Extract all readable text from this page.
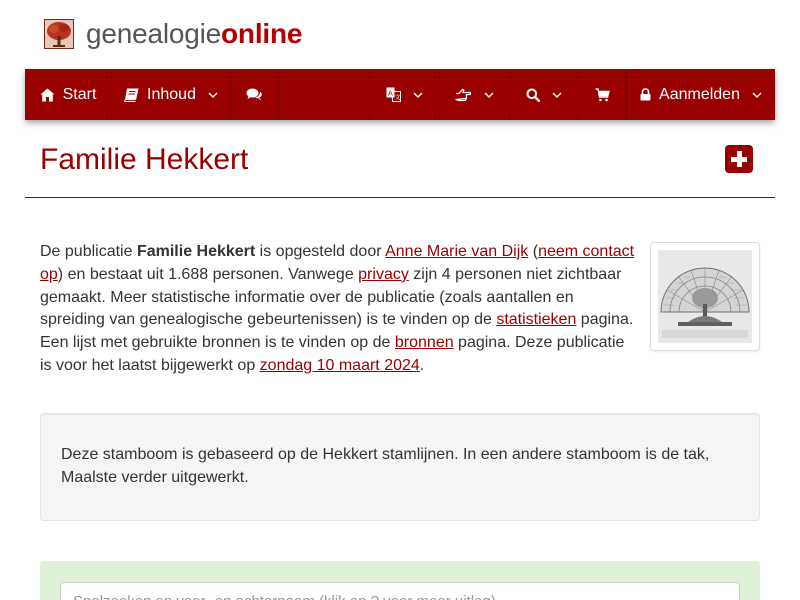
genealogieonline
Start	Inhoud	A
文	Aanmelden
Familie Hekkert

De publicatie Familie Hekkert is opgesteld door Anne Marie van Dijk (neem contact op) en bestaat uit 1.688 personen. Vanwege privacy zijn 4 personen niet zichtbaar gemaakt. Meer statistische informatie over de publicatie (zoals aantallen en spreiding van genealogische gebeurtenissen) is te vinden op de statistieken pagina. Een lijst met gebruikte bronnen is te vinden op de bronnen pagina. Deze publicatie is voor het laatst bijgewerkt op zondag 10 maart 2024.

Deze stamboom is gebaseerd op de Hekkert stamlijnen. In een andere stamboom is de tak, Maalste verder uitgewerkt.

Snelzoeken op voor- en achternaam (klik op ? voor meer uitleg)
